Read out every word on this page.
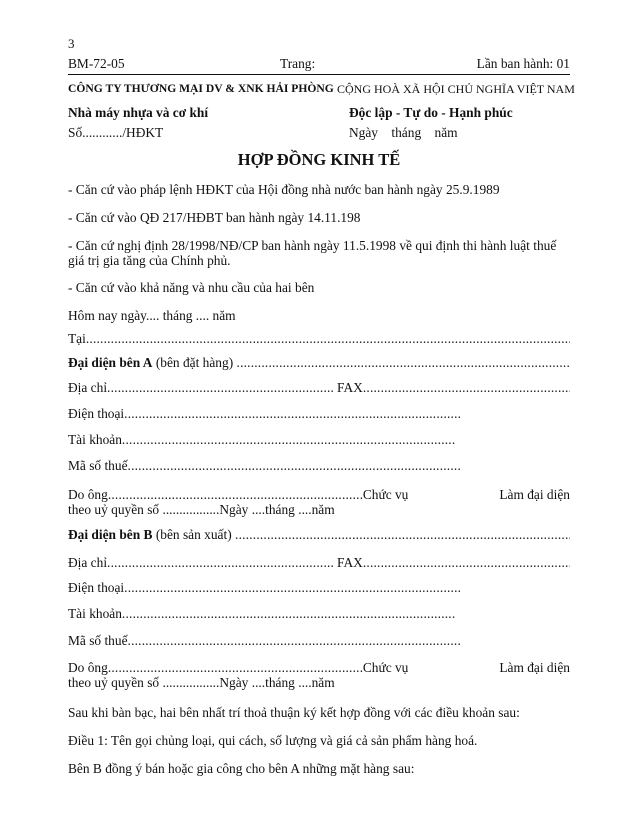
3
BM-72-05	Trang:	Lần ban hành: 01
CÔNG TY THƯƠNG MẠI DV & XNK HẢI PHÒNG CỘNG HOÀ XÃ HỘI CHỦ NGHĨA VIỆT NAM
Nhà máy nhựa và cơ khí	Độc lập - Tự do - Hạnh phúc
Số............/HĐKT	Ngày    tháng    năm
HỢP ĐỒNG KINH TẾ
- Căn cứ vào pháp lệnh HĐKT của Hội đồng nhà nước ban hành ngày 25.9.1989
- Căn cứ vào QĐ 217/HĐBT ban hành ngày 14.11.198
- Căn cứ nghị định 28/1998/NĐ/CP ban hành ngày 11.5.1998 về qui định thi hành luật thuế giá trị gia tăng của Chính phủ.
- Căn cứ vào khả năng và nhu cầu của hai bên
Hôm nay ngày.... tháng .... năm
Tại
.....
Đại diện bên A (bên đặt hàng)
.....
Địa chỉ .....	FAX
.....
Điện thoại
.....
Tài khoản
.....
Mã số thuế
.....
Do ông .....	Chức vụ	Làm đại diện
theo uỷ quyền số .................Ngày ....tháng ....năm
Đại diện bên B (bên sản xuất)
.....
Địa chỉ .....	FAX
.....
Điện thoại
.....
Tài khoản
.....
Mã số thuế
.....
Do ông .....	Chức vụ	Làm đại diện
theo uỷ quyền số .................Ngày ....tháng ....năm
Sau khi bàn bạc, hai bên nhất trí thoả thuận ký kết hợp đồng với các điều khoản sau:
Điều 1: Tên gọi chủng loại, qui cách, số lượng và giá cả sản phẩm hàng hoá.
Bên B đồng ý bán hoặc gia công cho bên A những mặt hàng sau:
